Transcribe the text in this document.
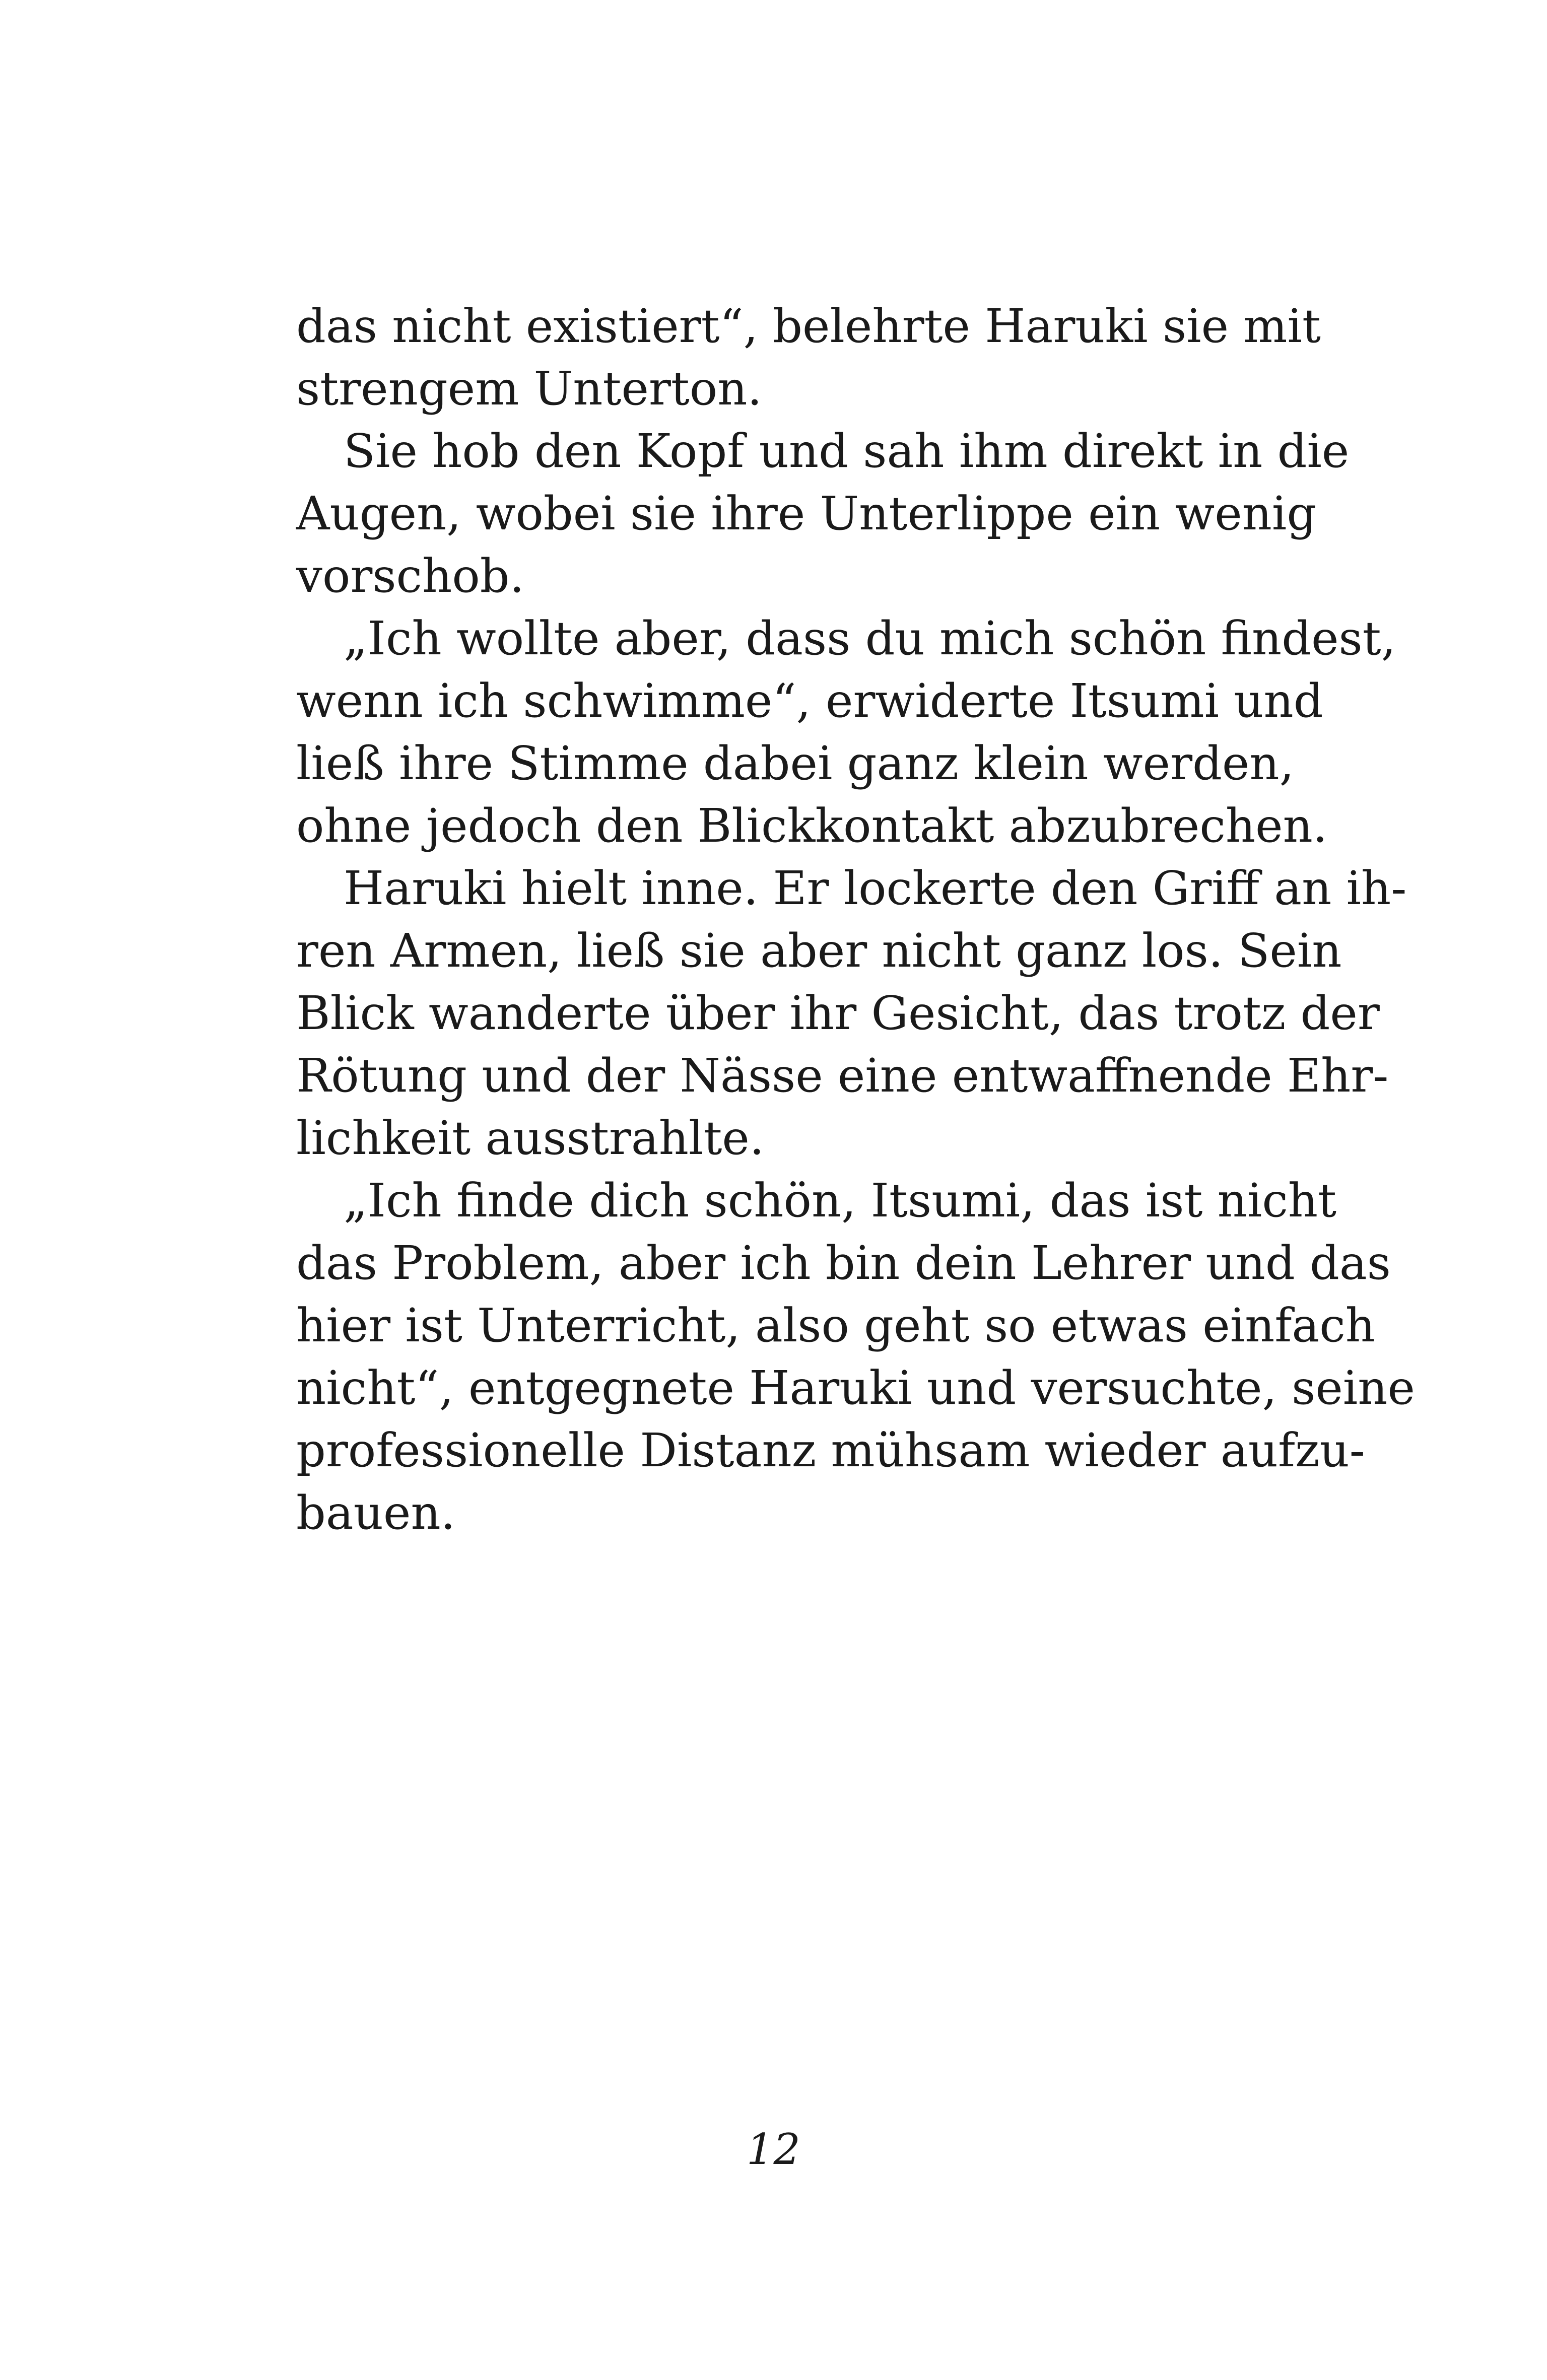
das nicht existiert“, belehrte Haruki sie mit
strengem Unterton.
Sie hob den Kopf und sah ihm direkt in die
Augen, wobei sie ihre Unterlippe ein wenig
vorschob.
„Ich wollte aber, dass du mich schön findest,
wenn ich schwimme“, erwiderte Itsumi und
ließ ihre Stimme dabei ganz klein werden,
ohne jedoch den Blickkontakt abzubrechen.
Haruki hielt inne. Er lockerte den Griff an ih-
ren Armen, ließ sie aber nicht ganz los. Sein
Blick wanderte über ihr Gesicht, das trotz der
Rötung und der Nässe eine entwaffnende Ehr-
lichkeit ausstrahlte.
„Ich finde dich schön, Itsumi, das ist nicht
das Problem, aber ich bin dein Lehrer und das
hier ist Unterricht, also geht so etwas einfach
nicht“, entgegnete Haruki und versuchte, seine
professionelle Distanz mühsam wieder aufzu-
bauen.
12
